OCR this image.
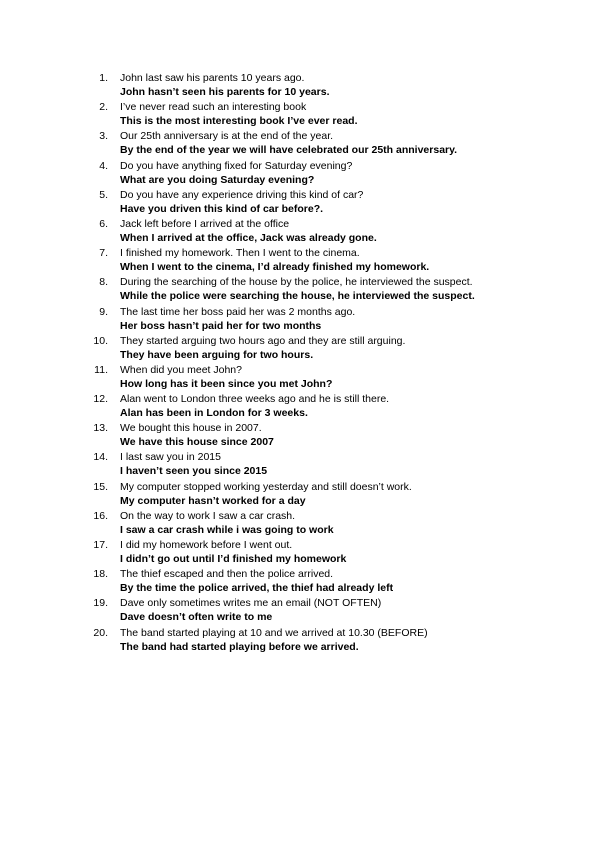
1. John last saw his parents 10 years ago.
John hasn’t seen his parents for 10 years.
2. I’ve never read such an interesting book
This is the most interesting book I’ve ever read.
3. Our 25th anniversary is at the end of the year.
By the end of the year we will have celebrated our 25th anniversary.
4. Do you have anything fixed for Saturday evening?
What are you doing Saturday evening?
5. Do you have any experience driving this kind of car?
Have you driven this kind of car before?.
6. Jack left before I arrived at the office
When I arrived at the office, Jack was already gone.
7. I finished my homework. Then I went to the cinema.
When I went to the cinema, I’d already finished my homework.
8. During the searching of the house by the police, he interviewed the suspect.
While the police were searching the house, he interviewed the suspect.
9. The last time her boss paid her was 2 months ago.
Her boss hasn’t paid her for two months
10. They started arguing two hours ago and they are still arguing.
They have been arguing for two hours.
11. When did you meet John?
How long has it been since you met John?
12. Alan went to London three weeks ago and he is still there.
Alan has been in London for 3 weeks.
13. We bought this house in 2007.
We have this house since 2007
14. I last saw you in 2015
I haven’t seen you since 2015
15. My computer stopped working yesterday and still doesn’t work.
My computer hasn’t worked for a day
16. On the way to work I saw a car crash.
I saw a car crash while i was going to work
17. I did my homework before I went out.
I didn’t go out until I’d finished my homework
18. The thief escaped and then the police arrived.
By the time the police arrived, the thief had already left
19. Dave only sometimes writes me an email (NOT OFTEN)
Dave doesn’t often write to me
20. The band started playing at 10 and we arrived at 10.30 (BEFORE)
The band had started playing before we arrived.
